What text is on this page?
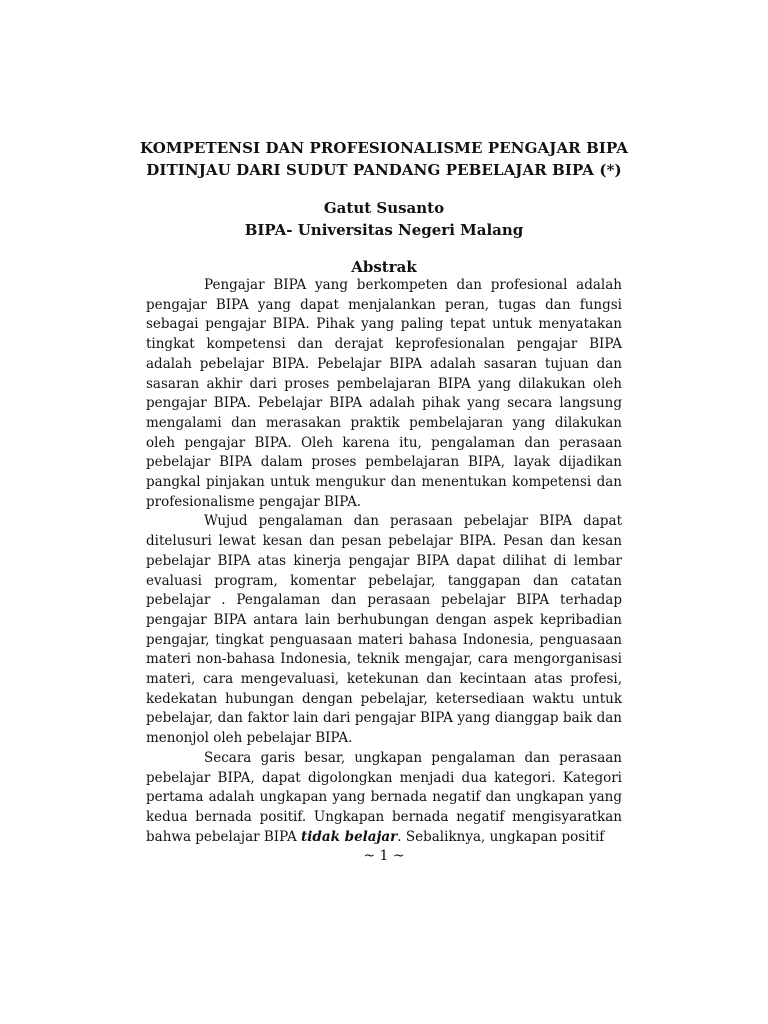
KOMPETENSI DAN PROFESIONALISME PENGAJAR BIPA
DITINJAU DARI SUDUT PANDANG PEBELAJAR BIPA (*)
Gatut Susanto
BIPA- Universitas Negeri Malang
Abstrak

Pengajar BIPA yang berkompeten dan profesional adalah pengajar BIPA yang dapat menjalankan peran, tugas dan fungsi sebagai pengajar BIPA. Pihak yang paling tepat untuk menyatakan tingkat kompetensi dan derajat keprofesionalan pengajar BIPA adalah pebelajar BIPA. Pebelajar BIPA adalah sasaran tujuan dan sasaran akhir dari proses pembelajaran BIPA yang dilakukan oleh pengajar BIPA. Pebelajar BIPA adalah pihak yang secara langsung mengalami dan merasakan praktik pembelajaran yang dilakukan oleh pengajar BIPA. Oleh karena itu, pengalaman dan perasaan pebelajar BIPA dalam proses pembelajaran BIPA, layak dijadikan pangkal pinjakan untuk mengukur dan menentukan kompetensi dan profesionalisme pengajar BIPA.

Wujud pengalaman dan perasaan pebelajar BIPA dapat ditelusuri lewat kesan dan pesan pebelajar BIPA. Pesan dan kesan pebelajar BIPA atas kinerja pengajar BIPA dapat dilihat di lembar evaluasi program, komentar pebelajar, tanggapan dan catatan pebelajar . Pengalaman dan perasaan pebelajar BIPA terhadap pengajar BIPA antara lain berhubungan dengan aspek kepribadian pengajar, tingkat penguasaan materi bahasa Indonesia, penguasaan materi non-bahasa Indonesia, teknik mengajar, cara mengorganisasi materi, cara mengevaluasi, ketekunan dan kecintaan atas profesi, kedekatan hubungan dengan pebelajar, ketersediaan waktu untuk pebelajar, dan faktor lain dari pengajar BIPA yang dianggap baik dan menonjol oleh pebelajar BIPA.

Secara garis besar, ungkapan pengalaman dan perasaan pebelajar BIPA, dapat digolongkan menjadi dua kategori. Kategori pertama adalah ungkapan yang bernada negatif dan ungkapan yang kedua bernada positif. Ungkapan bernada negatif mengisyaratkan bahwa pebelajar BIPA tidak belajar. Sebaliknya, ungkapan positif

~ 1 ~
